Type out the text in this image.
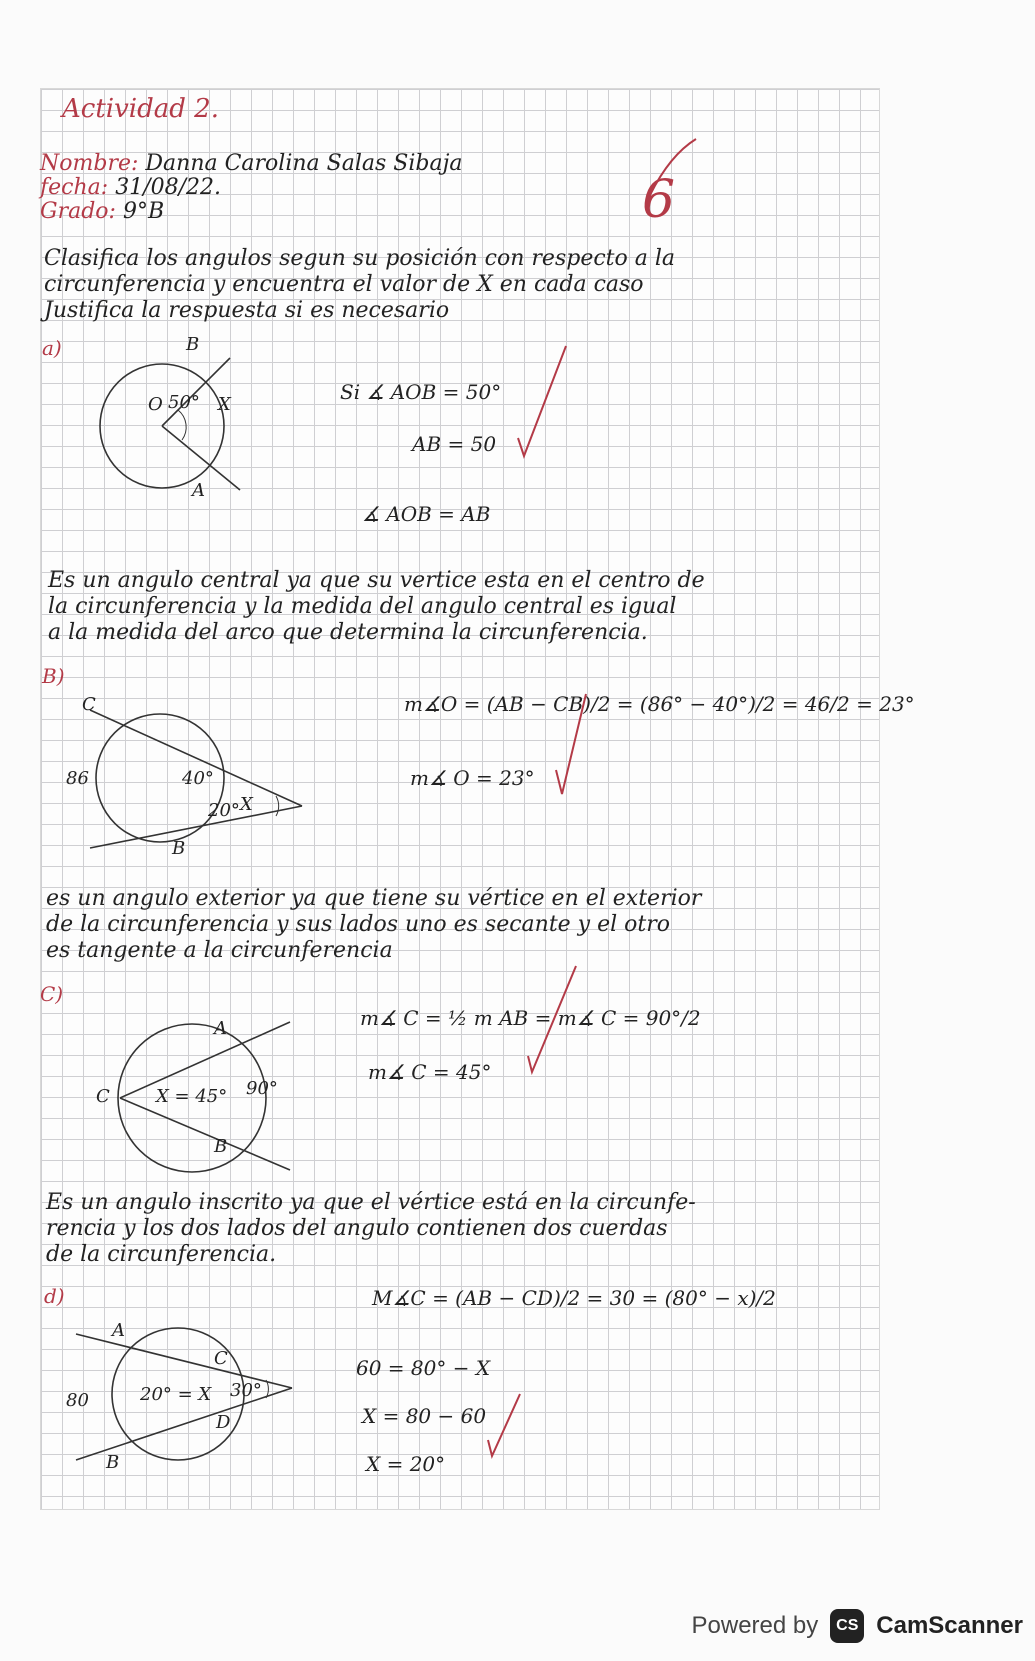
Actividad 2.
Nombre: Danna Carolina Salas Sibaja
fecha: 31/08/22.
Grado: 9°B	6
Clasifica los angulos segun su posición con respecto a la
circunferencia y encuentra el valor de X en cada caso
Justifica la respuesta si es necesario
a)	B
O 50° X
A
Si ∡ AOB = 50°
AB = 50
∡ AOB = AB
Es un angulo central ya que su vertice esta en el centro de
la circunferencia y la medida del angulo central es igual
a la medida del arco que determina la circunferencia.
B)
C
86	40°
20° X
B
m∡O = (AB − CB)/2 = (86° − 40°)/2 = 46/2 = 23°
m∡ O = 23°
es un angulo exterior ya que tiene su vértice en el exterior
de la circunferencia y sus lados uno es secante y el otro
es tangente a la circunferencia
C)
A
C	X = 45° 90°
B
m∡ C = ½ m AB = m∡ C = 90°/2
m∡ C = 45°
Es un angulo inscrito ya que el vértice está en la circunfe-
rencia y los dos lados del angulo contienen dos cuerdas
de la circunferencia.
d)
A
C
80	20° = X 30°
D
B
M∡C = (AB − CD)/2 = 30 = (80° − x)/2
60 = 80° − X
X = 80 − 60
X = 20°
Powered by	CS CamScanner
